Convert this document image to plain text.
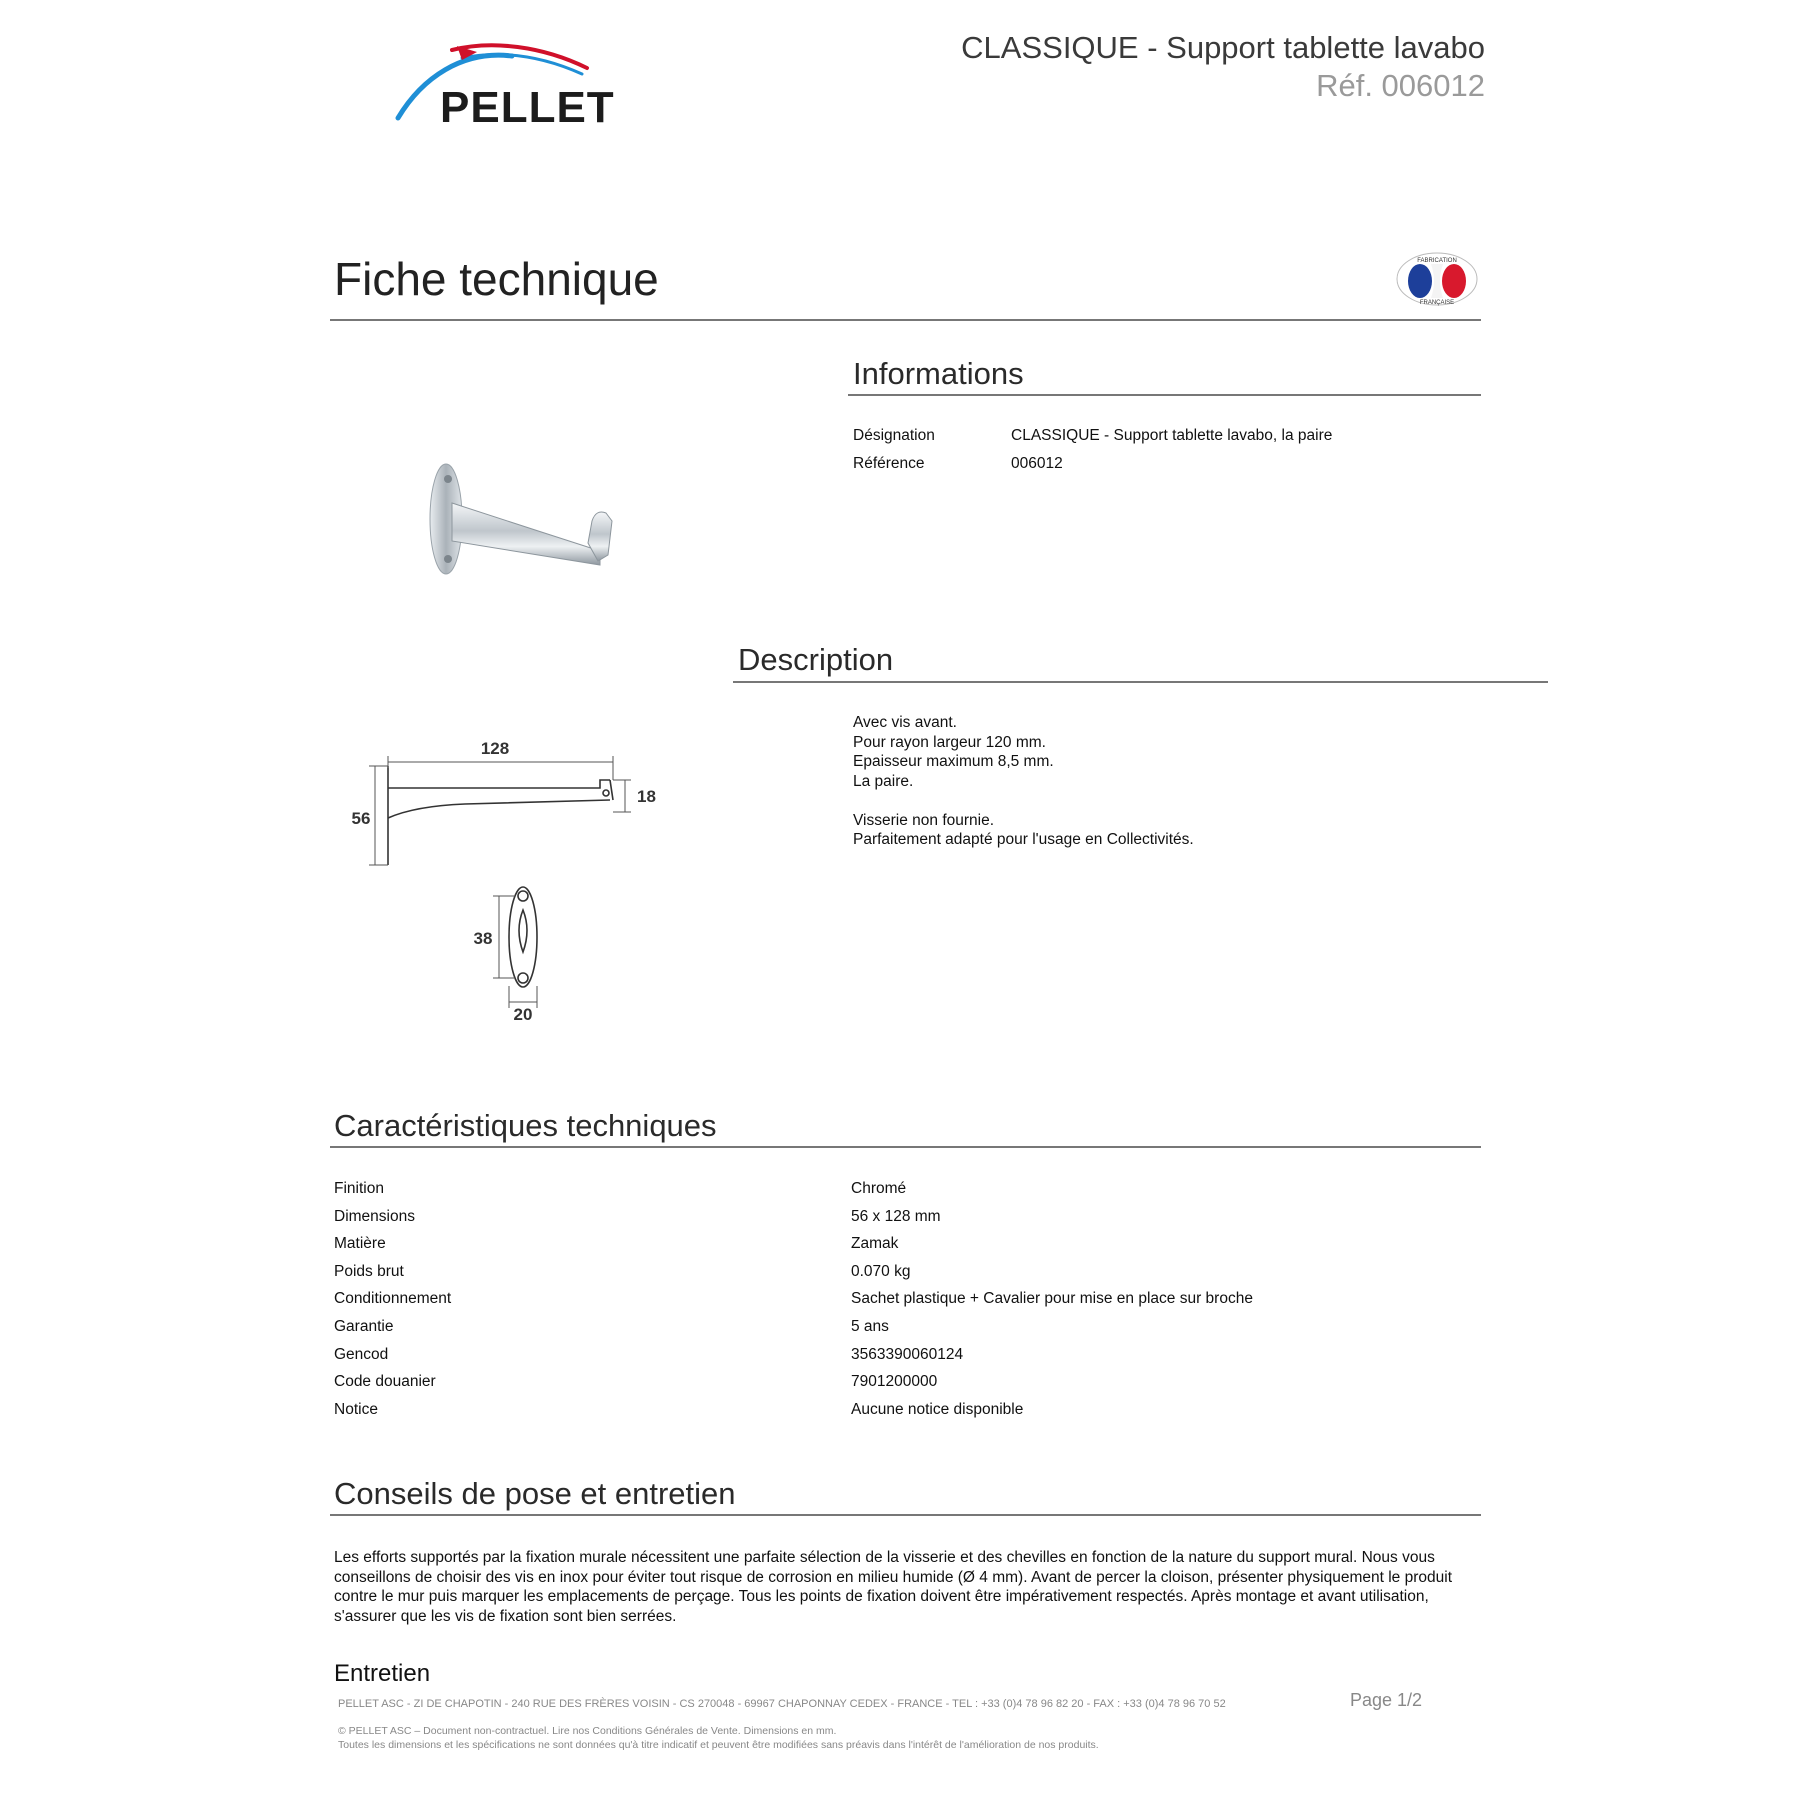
PELLET
CLASSIQUE - Support tablette lavabo
Réf. 006012
Fiche technique	FABRICATION
FRANÇAISE
128
56
18
38
20
Informations
Désignation	CLASSIQUE - Support tablette lavabo, la paire
Référence	006012
Description
Avec vis avant.
Pour rayon largeur 120 mm.
Epaisseur maximum 8,5 mm.
La paire.
Visserie non fournie.
Parfaitement adapté pour l'usage en Collectivités.
Caractéristiques techniques
Finition	Chromé
Dimensions	56 x 128 mm
Matière	Zamak
Poids brut	0.070 kg
Conditionnement	Sachet plastique + Cavalier pour mise en place sur broche
Garantie	5 ans
Gencod	3563390060124
Code douanier	7901200000
Notice	Aucune notice disponible
Conseils de pose et entretien
Les efforts supportés par la fixation murale nécessitent une parfaite sélection de la visserie et des chevilles en fonction de la nature du support mural. Nous vous conseillons de choisir des vis en inox pour éviter tout risque de corrosion en milieu humide (Ø 4 mm). Avant de percer la cloison, présenter physiquement le produit contre le mur puis marquer les emplacements de perçage. Tous les points de fixation doivent être impérativement respectés. Après montage et avant utilisation, s'assurer que les vis de fixation sont bien serrées.
Entretien
PELLET ASC - ZI DE CHAPOTIN - 240 RUE DES FRÈRES VOISIN - CS 270048 - 69967 CHAPONNAY CEDEX - FRANCE - TEL : +33 (0)4 78 96 82 20 - FAX : +33 (0)4 78 96 70 52	Page 1/2
© PELLET ASC – Document non-contractuel. Lire nos Conditions Générales de Vente. Dimensions en mm.
Toutes les dimensions et les spécifications ne sont données qu'à titre indicatif et peuvent être modifiées sans préavis dans l'intérêt de l'amélioration de nos produits.
